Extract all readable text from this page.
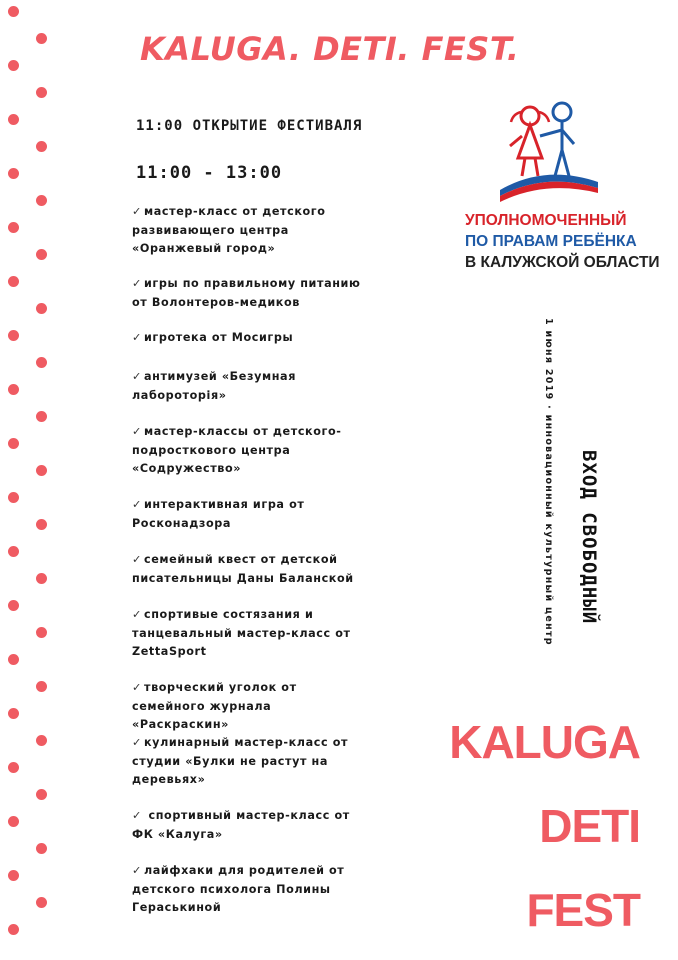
KALUGA. DETI. FEST.
11:00 ОТКРЫТИЕ ФЕСТИВАЛЯ
11:00 - 13:00
✓ мастер-класс от детского развивающего центра «Оранжевый город»
✓ игры по правильному питанию от Волонтеров-медиков
✓ игротека от Мосигры
✓ антимузей «Безумная лабороторія»
✓ мастер-классы от детского-подросткового центра «Содружество»
✓ интерактивная игра от Росконадзора
✓ семейный квест от детской писательницы Даны Баланской
✓ спортивые состязания и танцевальный мастер-класс от ZettaSport
✓ творческий уголок от семейного журнала «Раскраскин»
✓ кулинарный мастер-класс от студии «Булки не растут на деревьях»
✓ спортивный мастер-класс от ФК «Калуга»
✓ лайфхаки для родителей от детского психолога Полины Гераськиной
УПОЛНОМОЧЕННЫЙ
ПО ПРАВАМ РЕБЁНКА
В КАЛУЖСКОЙ ОБЛАСТИ
1 июня 2019 · инновационный культурный центр ВХОД СВОБОДНЫЙ
KALUGA
DETI
FEST
